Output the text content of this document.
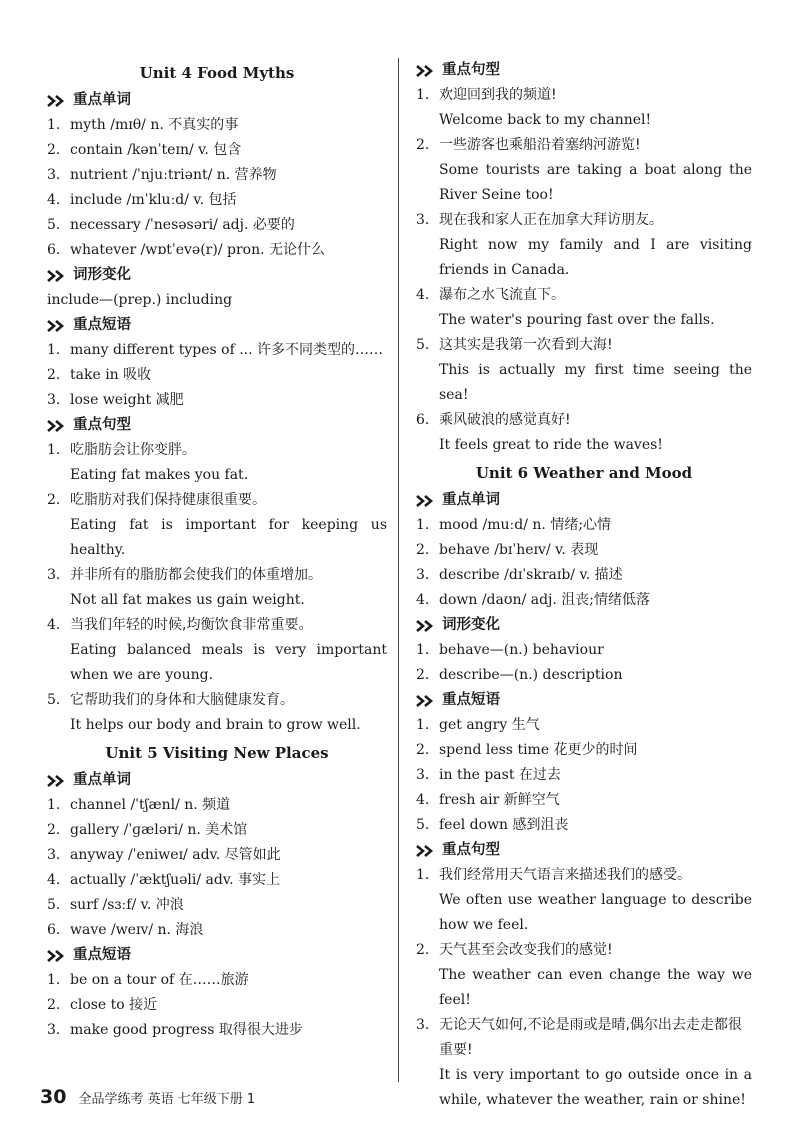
Unit 4 Food Myths
重点单词
1. myth /mɪθ/ n. 不真实的事
2. contain /kənˈteɪn/ v. 包含
3. nutrient /ˈnjuːtriənt/ n. 营养物
4. include /ɪnˈkluːd/ v. 包括
5. necessary /ˈnesəsəri/ adj. 必要的
6. whatever /wɒtˈevə(r)/ pron. 无论什么
词形变化
include—(prep.) including
重点短语
1. many different types of ... 许多不同类型的……
2. take in 吸收
3. lose weight 减肥
重点句型
1. 吃脂肪会让你变胖。
Eating fat makes you fat.
2. 吃脂肪对我们保持健康很重要。
Eating fat is important for keeping us healthy.
3. 并非所有的脂肪都会使我们的体重增加。
Not all fat makes us gain weight.
4. 当我们年轻的时候,均衡饮食非常重要。
Eating balanced meals is very important when we are young.
5. 它帮助我们的身体和大脑健康发育。
It helps our body and brain to grow well.
Unit 5 Visiting New Places
重点单词
1. channel /ˈtʃænl/ n. 频道
2. gallery /ˈɡæləri/ n. 美术馆
3. anyway /ˈeniweɪ/ adv. 尽管如此
4. actually /ˈæktʃuəli/ adv. 事实上
5. surf /sɜːf/ v. 冲浪
6. wave /weɪv/ n. 海浪
重点短语
1. be on a tour of 在……旅游
2. close to 接近
3. make good progress 取得很大进步
重点句型
1. 欢迎回到我的频道!
Welcome back to my channel!
2. 一些游客也乘船沿着塞纳河游览!
Some tourists are taking a boat along the River Seine too!
3. 现在我和家人正在加拿大拜访朋友。
Right now my family and I are visiting friends in Canada.
4. 瀑布之水飞流直下。
The water's pouring fast over the falls.
5. 这其实是我第一次看到大海!
This is actually my first time seeing the sea!
6. 乘风破浪的感觉真好!
It feels great to ride the waves!
Unit 6 Weather and Mood
重点单词
1. mood /muːd/ n. 情绪;心情
2. behave /bɪˈheɪv/ v. 表现
3. describe /dɪˈskraɪb/ v. 描述
4. down /daʊn/ adj. 沮丧;情绪低落
词形变化
1. behave—(n.) behaviour
2. describe—(n.) description
重点短语
1. get angry 生气
2. spend less time 花更少的时间
3. in the past 在过去
4. fresh air 新鲜空气
5. feel down 感到沮丧
重点句型
1. 我们经常用天气语言来描述我们的感受。
We often use weather language to describe how we feel.
2. 天气甚至会改变我们的感觉!
The weather can even change the way we feel!
3. 无论天气如何,不论是雨或是晴,偶尔出去走走都很重要!
It is very important to go outside once in a while, whatever the weather, rain or shine!
30 全品学练考 英语 七年级下册 1
